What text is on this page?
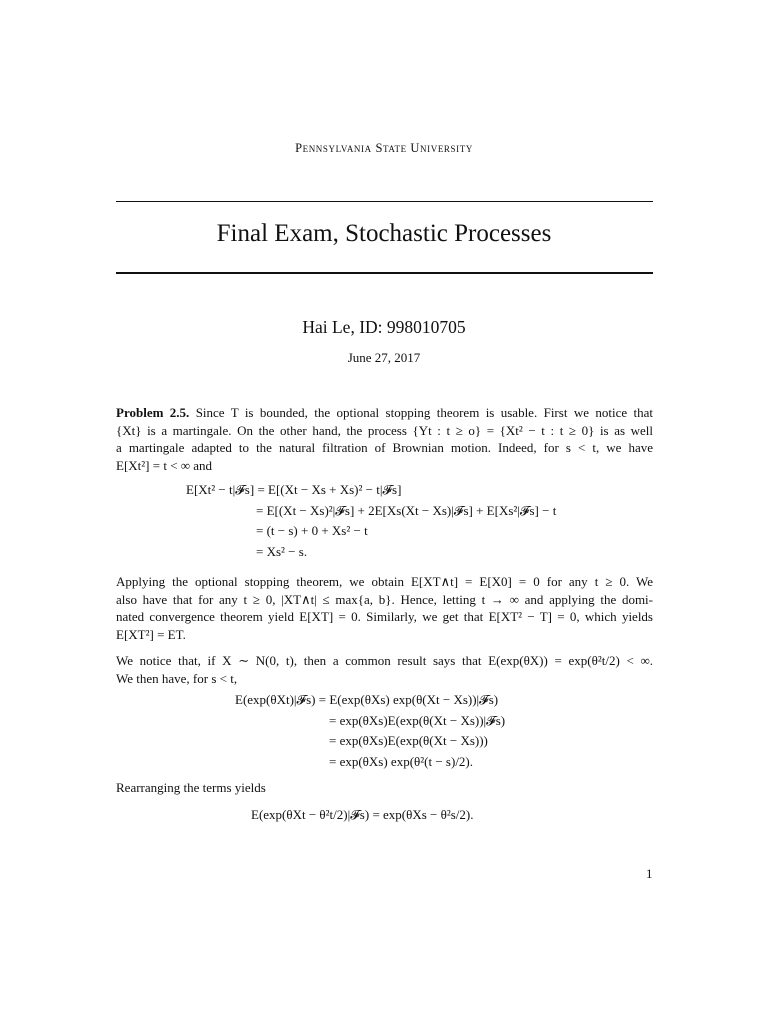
Pennsylvania State University
Final Exam, Stochastic Processes
Hai Le, ID: 998010705
June 27, 2017
Problem 2.5. Since T is bounded, the optional stopping theorem is usable. First we notice that
{Xt} is a martingale. On the other hand, the process {Yt : t ≥ o} = {Xt² − t : t ≥ 0} is as well
a martingale adapted to the natural filtration of Brownian motion. Indeed, for s < t, we have
E[Xt²] = t < ∞ and
E[Xt² − t|𝓕s] = E[(Xt − Xs + Xs)² − t|𝓕s]
= E[(Xt − Xs)²|𝓕s] + 2E[Xs(Xt − Xs)|𝓕s] + E[Xs²|𝓕s] − t
= (t − s) + 0 + Xs² − t
= Xs² − s.
Applying the optional stopping theorem, we obtain E[XT∧t] = E[X0] = 0 for any t ≥ 0. We
also have that for any t ≥ 0, |XT∧t| ≤ max{a, b}. Hence, letting t → ∞ and applying the domi-
nated convergence theorem yield E[XT] = 0. Similarly, we get that E[XT² − T] = 0, which yields
E[XT²] = ET.
We notice that, if X ∼ N(0, t), then a common result says that E(exp(θX)) = exp(θ²t/2) < ∞.
We then have, for s < t,
E(exp(θXt)|𝓕s) = E(exp(θXs) exp(θ(Xt − Xs))|𝓕s)
= exp(θXs)E(exp(θ(Xt − Xs))|𝓕s)
= exp(θXs)E(exp(θ(Xt − Xs)))
= exp(θXs) exp(θ²(t − s)/2).
Rearranging the terms yields
E(exp(θXt − θ²t/2)|𝓕s) = exp(θXs − θ²s/2).
1
